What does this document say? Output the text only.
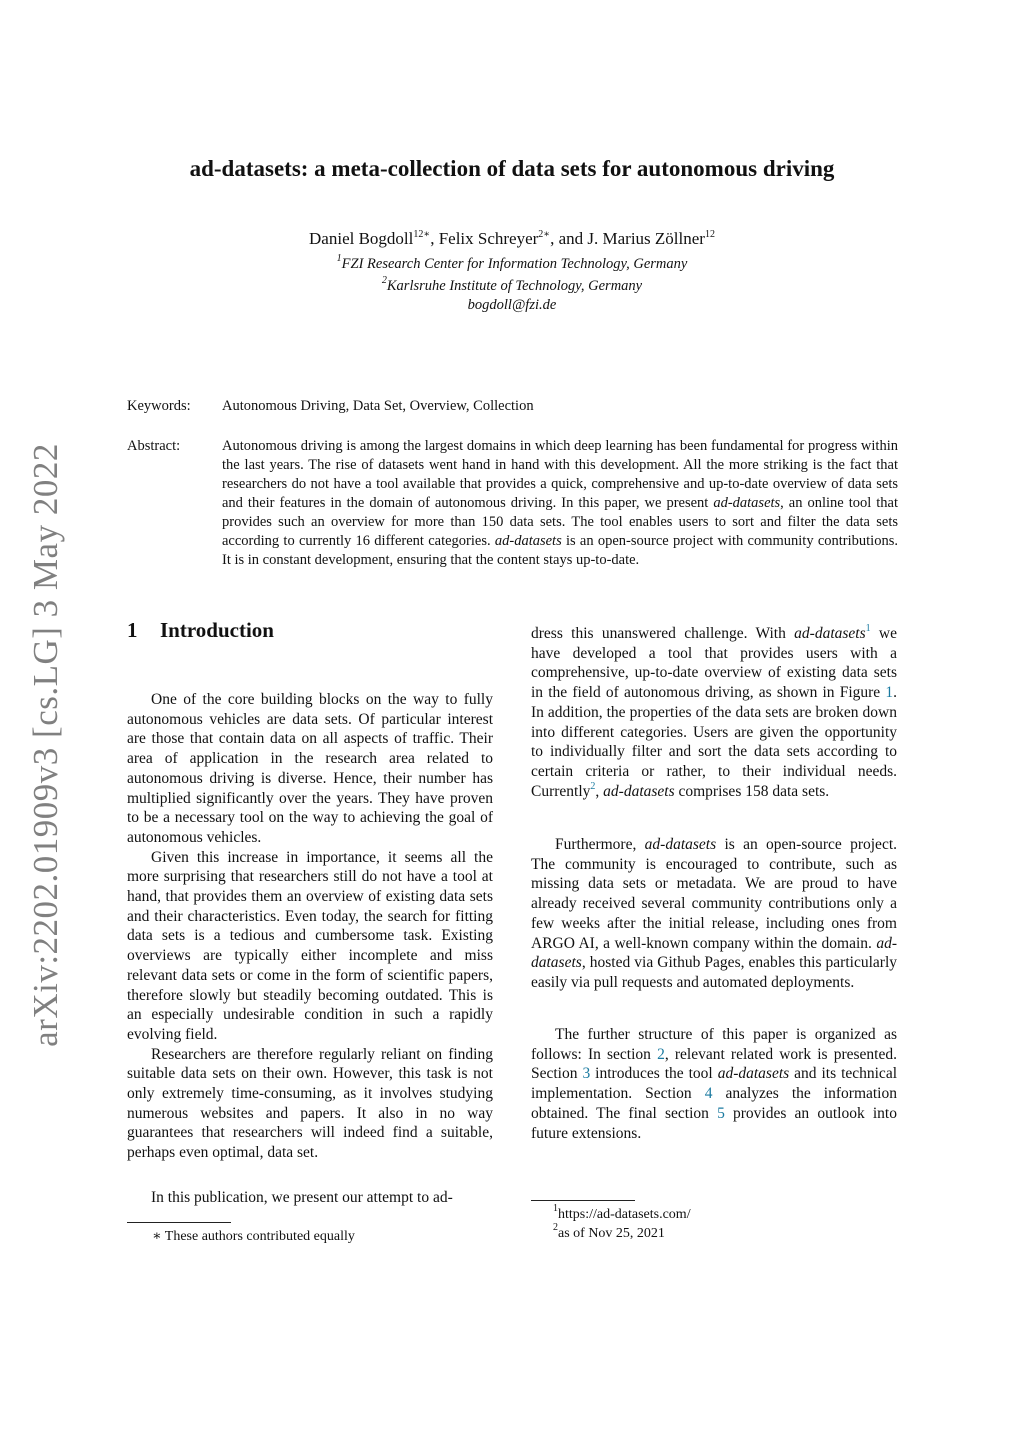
arXiv:2202.01909v3 [cs.LG] 3 May 2022
ad-datasets: a meta-collection of data sets for autonomous driving
Daniel Bogdoll$^{12∗}$, Felix Schreyer$^{2∗}$, and J. Marius Zöllner$^{12}$
$^1$FZI Research Center for Information Technology, Germany
$^2$Karlsruhe Institute of Technology, Germany
bogdoll@fzi.de
Keywords: Autonomous Driving, Data Set, Overview, Collection
Abstract:	Autonomous driving is among the largest domains in which deep learning has been fundamental for progress within the last years. The rise of datasets went hand in hand with this development. All the more striking is the fact that researchers do not have a tool available that provides a quick, comprehensive and up-to-date overview of data sets and their features in the domain of autonomous driving. In this paper, we present ad-datasets, an online tool that provides such an overview for more than 150 data sets. The tool enables users to sort and filter the data sets according to currently 16 different categories. ad-datasets is an open-source project with community contributions. It is in constant development, ensuring that the content stays up-to-date.
1 Introduction

One of the core building blocks on the way to fully autonomous vehicles are data sets. Of particular interest are those that contain data on all aspects of traffic. Their area of application in the research area related to autonomous driving is diverse. Hence, their number has multiplied significantly over the years. They have proven to be a necessary tool on the way to achieving the goal of autonomous vehicles.

Given this increase in importance, it seems all the more surprising that researchers still do not have a tool at hand, that provides them an overview of existing data sets and their characteristics. Even today, the search for fitting data sets is a tedious and cumbersome task. Existing overviews are typically either incomplete and miss relevant data sets or come in the form of scientific papers, therefore slowly but steadily becoming outdated. This is an especially undesirable condition in such a rapidly evolving field.

Researchers are therefore regularly reliant on finding suitable data sets on their own. However, this task is not only extremely time-consuming, as it involves studying numerous websites and papers. It also in no way guarantees that researchers will indeed find a suitable, perhaps even optimal, data set.

In this publication, we present our attempt to ad-

∗ These authors contributed equally

dress this unanswered challenge. With ad-datasets$^1$ we have developed a tool that provides users with a comprehensive, up-to-date overview of existing data sets in the field of autonomous driving, as shown in Figure 1. In addition, the properties of the data sets are broken down into different categories. Users are given the opportunity to individually filter and sort the data sets according to certain criteria or rather, to their individual needs. Currently$^2$, ad-datasets comprises 158 data sets.

Furthermore, ad-datasets is an open-source project. The community is encouraged to contribute, such as missing data sets or metadata. We are proud to have already received several community contributions only a few weeks after the initial release, including ones from ARGO AI, a well-known company within the domain. ad-datasets, hosted via Github Pages, enables this particularly easily via pull requests and automated deployments.

The further structure of this paper is organized as follows: In section 2, relevant related work is presented. Section 3 introduces the tool ad-datasets and its technical implementation. Section 4 analyzes the information obtained. The final section 5 provides an outlook into future extensions.

$^1$https://ad-datasets.com/
$^2$as of Nov 25, 2021
